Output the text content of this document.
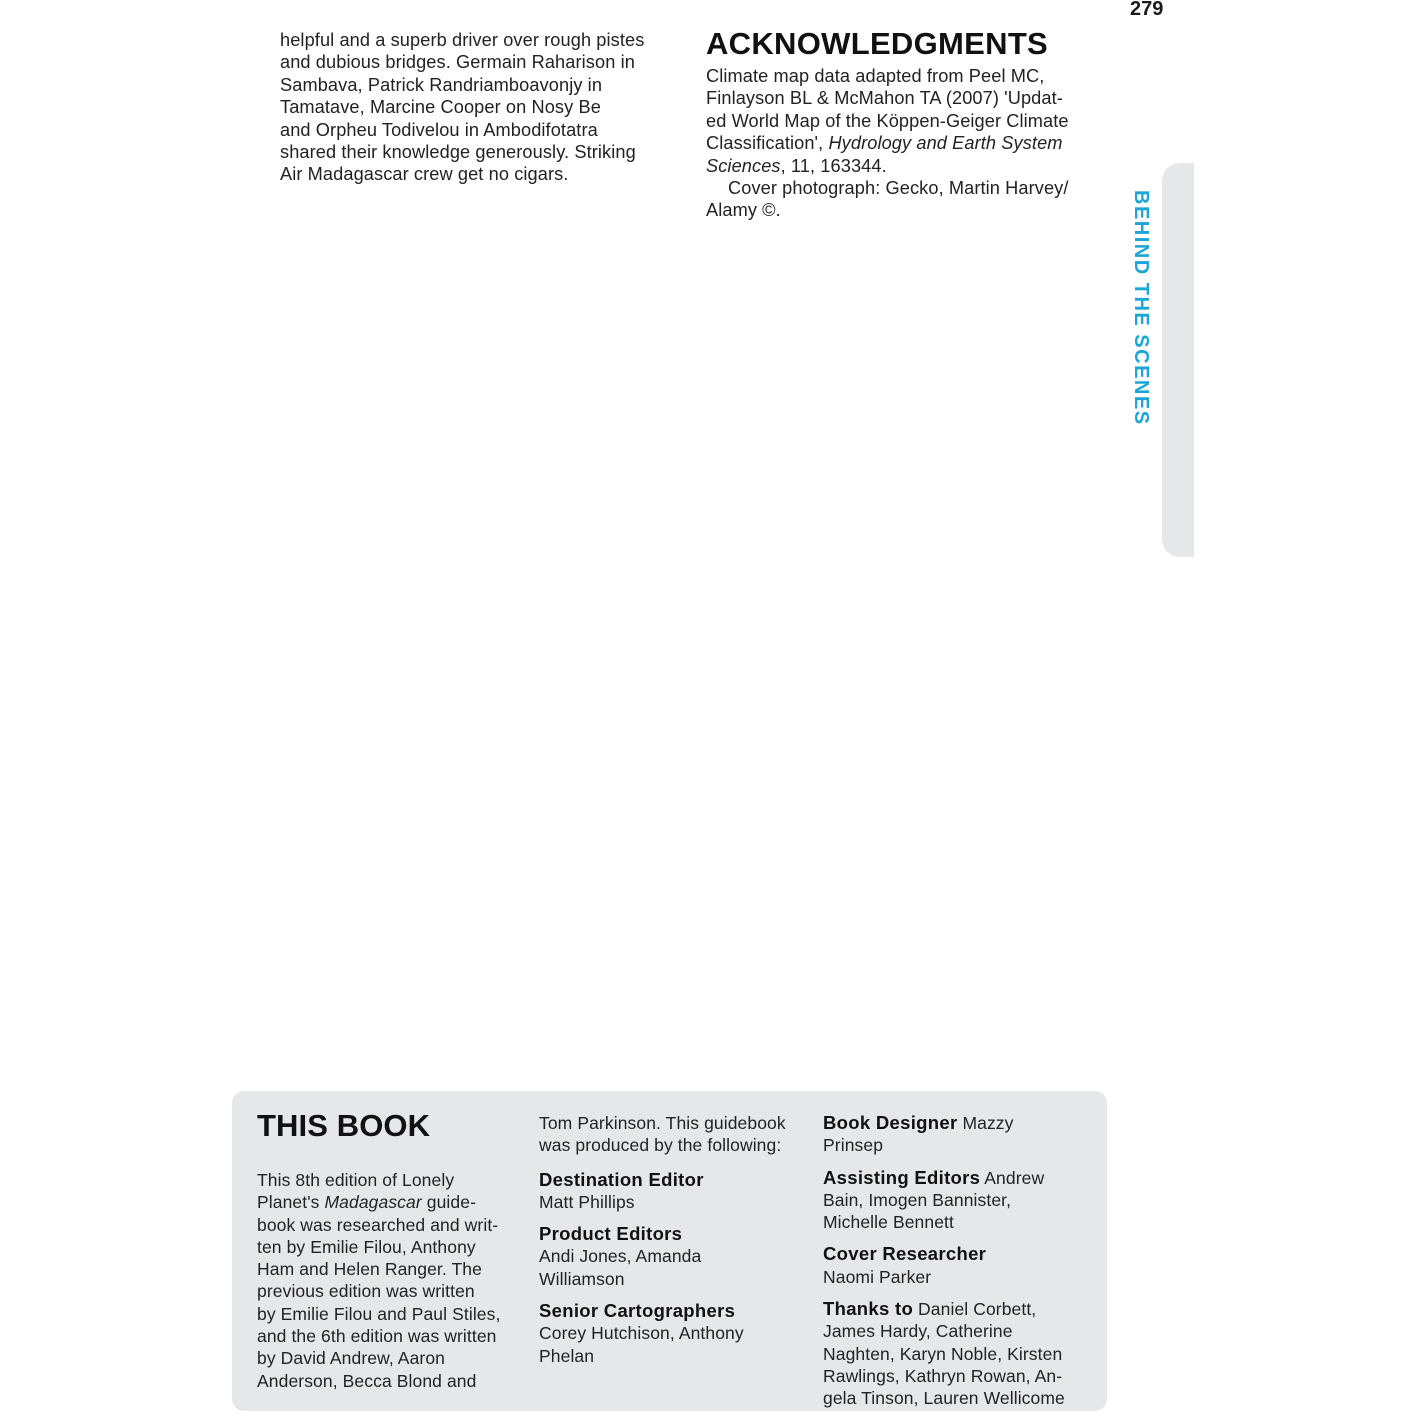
279
helpful and a superb driver over rough pistes
and dubious bridges. Germain Raharison in
Sambava, Patrick Randriamboavonjy in
Tamatave, Marcine Cooper on Nosy Be
and Orpheu Todivelou in Ambodifotatra
shared their knowledge generously. Striking
Air Madagascar crew get no cigars.
ACKNOWLEDGMENTS
Climate map data adapted from Peel MC,
Finlayson BL & McMahon TA (2007) 'Updat-
ed World Map of the Köppen-Geiger Climate
Classification', Hydrology and Earth System
Sciences, 11, 163344.
Cover photograph: Gecko, Martin Harvey/
Alamy ©.	BEHIND THE SCENES
THIS BOOK
This 8th edition of Lonely
Planet's Madagascar guide-
book was researched and writ-
ten by Emilie Filou, Anthony
Ham and Helen Ranger. The
previous edition was written
by Emilie Filou and Paul Stiles,
and the 6th edition was written
by David Andrew, Aaron
Anderson, Becca Blond and
Tom Parkinson. This guidebook
was produced by the following:
Destination Editor
Matt Phillips
Product Editors
Andi Jones, Amanda
Williamson
Senior Cartographers
Corey Hutchison, Anthony
Phelan
Book Designer Mazzy
Prinsep
Assisting Editors Andrew
Bain, Imogen Bannister,
Michelle Bennett
Cover Researcher
Naomi Parker
Thanks to Daniel Corbett,
James Hardy, Catherine
Naghten, Karyn Noble, Kirsten
Rawlings, Kathryn Rowan, An-
gela Tinson, Lauren Wellicome
